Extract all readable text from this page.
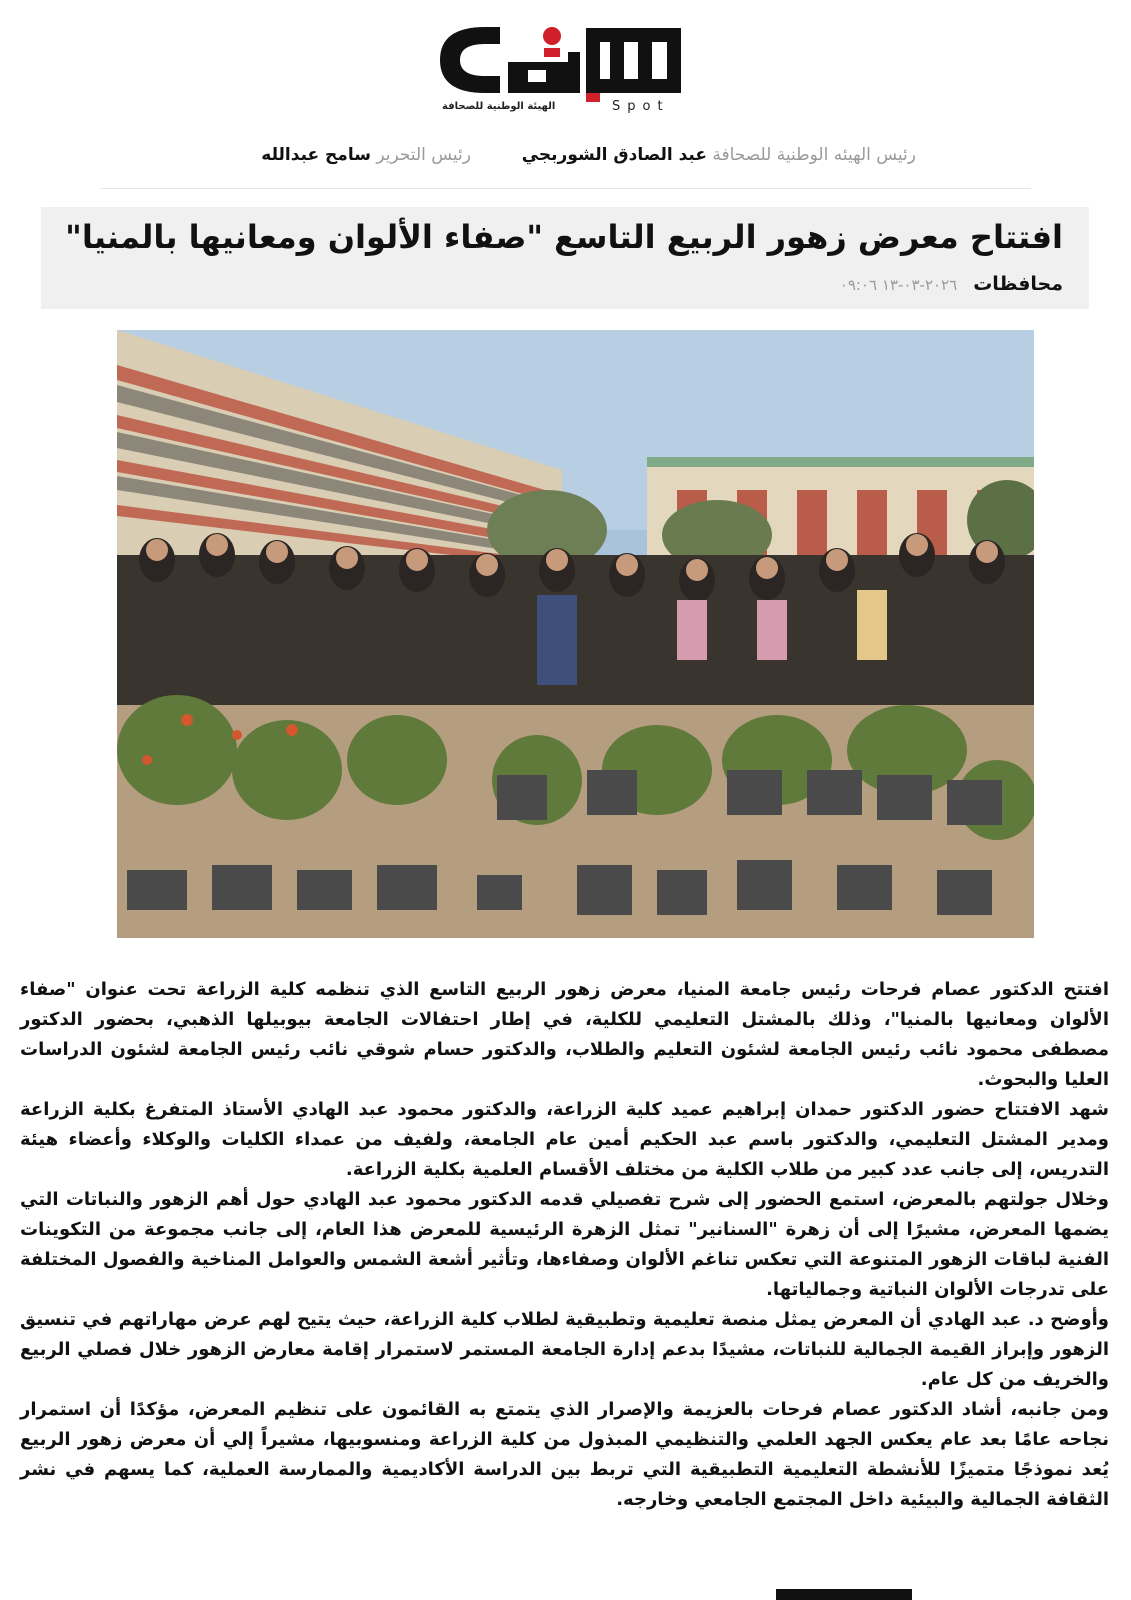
الهيئة الوطنية للصحافة	Spot
رئيس الهيئه الوطنية للصحافة عبد الصادق الشوربجي
رئيس التحرير سامح عبدالله
افتتاح معرض زهور الربيع التاسع "صفاء الألوان ومعانيها بالمنيا"
محافظات ٢٠٢٦-٠٣-١٣ ٠٩:٠٦

افتتح الدكتور عصام فرحات رئيس جامعة المنيا، معرض زهور الربيع التاسع الذي تنظمه كلية الزراعة تحت عنوان "صفاء الألوان ومعانيها بالمنيا"، وذلك بالمشتل التعليمي للكلية، في إطار احتفالات الجامعة بيوبيلها الذهبي، بحضور الدكتور مصطفى محمود نائب رئيس الجامعة لشئون التعليم والطلاب، والدكتور حسام شوقي نائب رئيس الجامعة لشئون الدراسات العليا والبحوث.

شهد الافتتاح حضور الدكتور حمدان إبراهيم عميد كلية الزراعة، والدكتور محمود عبد الهادي الأستاذ المتفرغ بكلية الزراعة ومدير المشتل التعليمي، والدكتور باسم عبد الحكيم أمين عام الجامعة، ولفيف من عمداء الكليات والوكلاء وأعضاء هيئة التدريس، إلى جانب عدد كبير من طلاب الكلية من مختلف الأقسام العلمية بكلية الزراعة.

وخلال جولتهم بالمعرض، استمع الحضور إلى شرح تفصيلي قدمه الدكتور محمود عبد الهادي حول أهم الزهور والنباتات التي يضمها المعرض، مشيرًا إلى أن زهرة "السنانير" تمثل الزهرة الرئيسية للمعرض هذا العام، إلى جانب مجموعة من التكوينات الفنية لباقات الزهور المتنوعة التي تعكس تناغم الألوان وصفاءها، وتأثير أشعة الشمس والعوامل المناخية والفصول المختلفة على تدرجات الألوان النباتية وجمالياتها.

وأوضح د. عبد الهادي أن المعرض يمثل منصة تعليمية وتطبيقية لطلاب كلية الزراعة، حيث يتيح لهم عرض مهاراتهم في تنسيق الزهور وإبراز القيمة الجمالية للنباتات، مشيدًا بدعم إدارة الجامعة المستمر لاستمرار إقامة معارض الزهور خلال فصلي الربيع والخريف من كل عام.

ومن جانبه، أشاد الدكتور عصام فرحات بالعزيمة والإصرار الذي يتمتع به القائمون على تنظيم المعرض، مؤكدًا أن استمرار نجاحه عامًا بعد عام يعكس الجهد العلمي والتنظيمي المبذول من كلية الزراعة ومنسوبيها، مشيراً إلي أن معرض زهور الربيع يُعد نموذجًا متميزًا للأنشطة التعليمية التطبيقية التي تربط بين الدراسة الأكاديمية والممارسة العملية، كما يسهم في نشر الثقافة الجمالية والبيئية داخل المجتمع الجامعي وخارجه.
